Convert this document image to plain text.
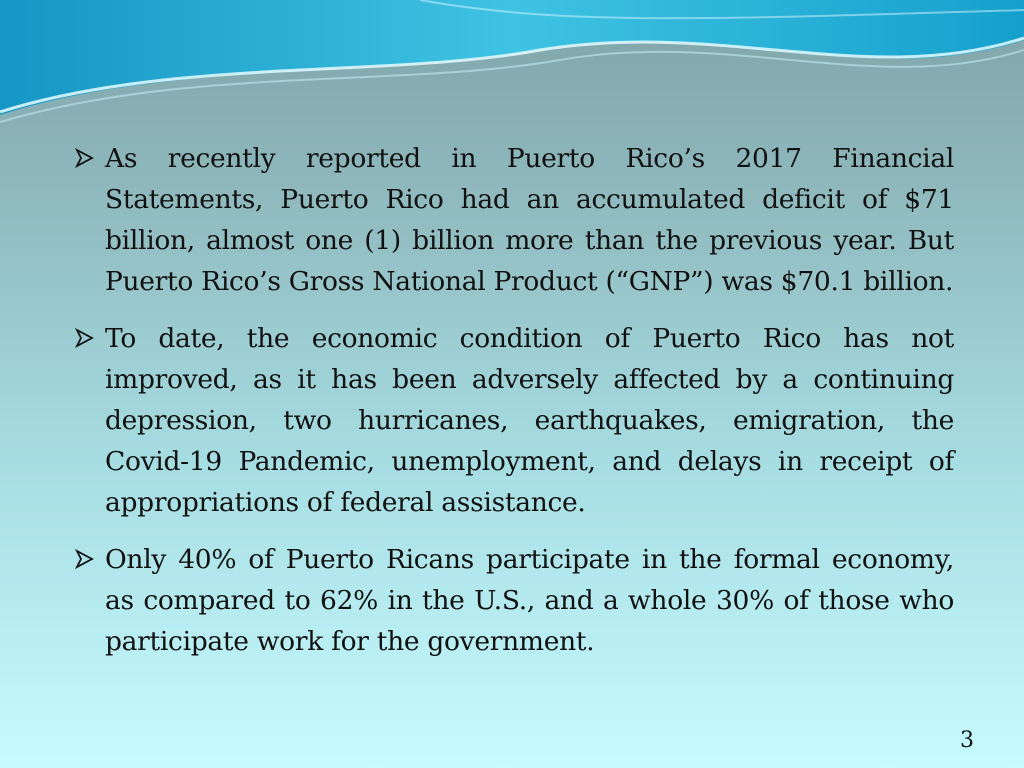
As recently reported in Puerto Rico’s 2017 Financial Statements, Puerto Rico had an accumulated deficit of $71 billion, almost one (1) billion more than the previous year. But Puerto Rico’s Gross National Product (“GNP”) was $70.1 billion.
To date, the economic condition of Puerto Rico has not improved, as it has been adversely affected by a continuing depression, two hurricanes, earthquakes, emigration, the Covid-19 Pandemic, unemployment, and delays in receipt of appropriations of federal assistance.
Only 40% of Puerto Ricans participate in the formal economy, as compared to 62% in the U.S., and a whole 30% of those who participate work for the government.
3
